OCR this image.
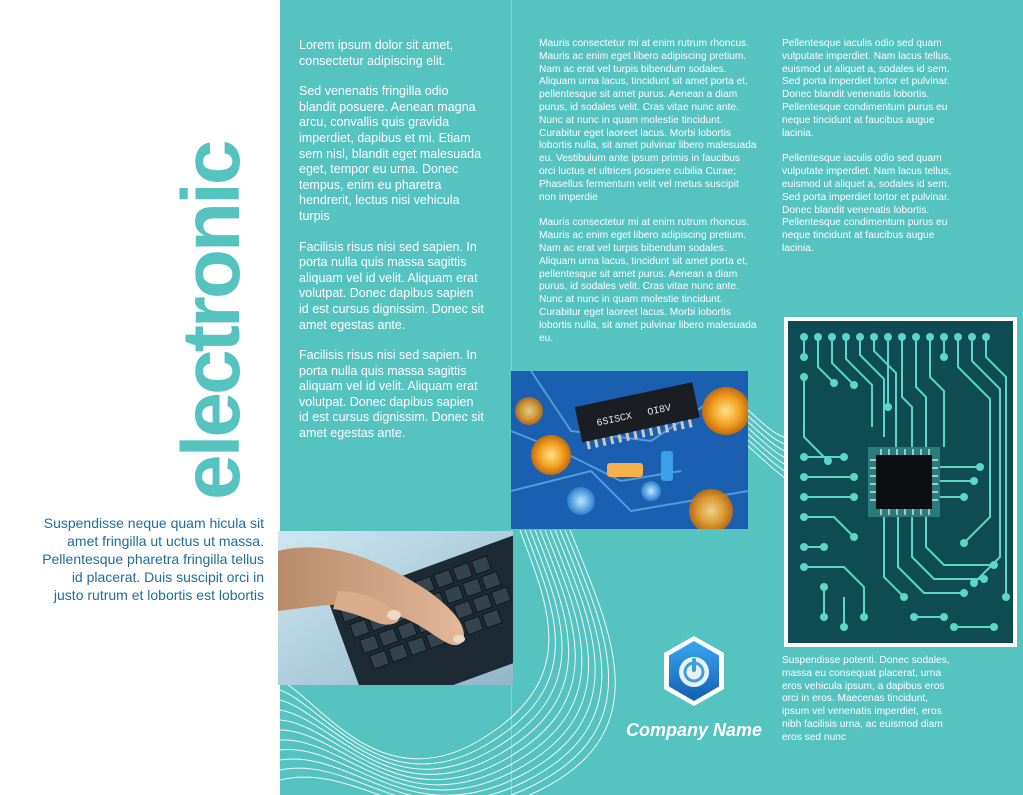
electronic
Suspendisse neque quam hicula sit amet fringilla ut uctus ut massa. Pellentesque pharetra fringilla tellus id placerat. Duis suscipit orci in justo rutrum et lobortis est lobortis

Lorem ipsum dolor sit amet, consectetur adipiscing elit.

Sed venenatis fringilla odio blandit posuere. Aenean magna arcu, convallis quis gravida imperdiet, dapibus et mi. Etiam sem nisl, blandit eget malesuada eget, tempor eu urna. Donec tempus, enim eu pharetra hendrerit, lectus nisi vehicula turpis

Facilisis risus nisi sed sapien. In porta nulla quis massa sagittis aliquam vel id velit. Aliquam erat volutpat. Donec dapibus sapien id est cursus dignissim. Donec sit amet egestas ante.

Facilisis risus nisi sed sapien. In porta nulla quis massa sagittis aliquam vel id velit. Aliquam erat volutpat. Donec dapibus sapien id est cursus dignissim. Donec sit amet egestas ante.

Mauris consectetur mi at enim rutrum rhoncus. Mauris ac enim eget libero adipiscing pretium. Nam ac erat vel turpis bibendum sodales. Aliquam urna lacus, tincidunt sit amet porta et, pellentesque sit amet purus. Aenean a diam purus, id sodales velit. Cras vitae nunc ante. Nunc at nunc in quam molestie tincidunt. Curabitur eget laoreet lacus. Morbi lobortis lobortis nulla, sit amet pulvinar libero malesuada eu. Vestibulum ante ipsum primis in faucibus orci luctus et ultrices posuere cubilia Curae; Phasellus fermentum velit vel metus suscipit non imperdie

Mauris consectetur mi at enim rutrum rhoncus. Mauris ac enim eget libero adipiscing pretium. Nam ac erat vel turpis bibendum sodales. Aliquam urna lacus, tincidunt sit amet porta et, pellentesque sit amet purus. Aenean a diam purus, id sodales velit. Cras vitae nunc ante. Nunc at nunc in quam molestie tincidunt. Curabitur eget laoreet lacus. Morbi lobortis lobortis nulla, sit amet pulvinar libero malesuada eu.

Pellentesque iaculis odio sed quam vulputate imperdiet. Nam lacus tellus, euismod ut aliquet a, sodales id sem. Sed porta imperdiet tortor et pulvinar. Donec blandit venenatis lobortis. Pellentesque condimentum purus eu neque tincidunt at faucibus augue lacinia.

Pellentesque iaculis odio sed quam vulputate imperdiet. Nam lacus tellus, euismod ut aliquet a, sodales id sem. Sed porta imperdiet tortor et pulvinar. Donec blandit venenatis lobortis. Pellentesque condimentum purus eu neque tincidunt at faucibus augue lacinia.

Suspendisse potenti. Donec sodales, massa eu consequat placerat, urna eros vehicula ipsum, a dapibus eros orci in eros. Maecenas tincidunt, ipsum vel venenatis imperdiet, eros nibh facilisis urna, ac euismod diam eros sed nunc

6SISCX
OI8V
Company Name
